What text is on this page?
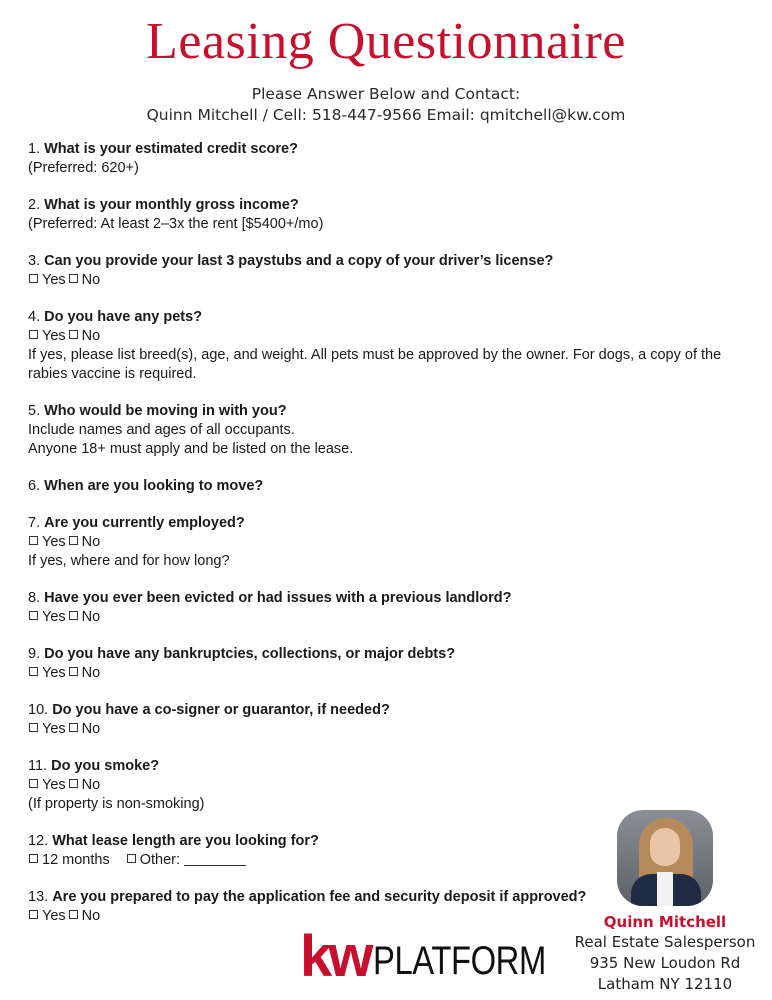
Leasing Questionnaire
Please Answer Below and Contact:
Quinn Mitchell / Cell: 518-447-9566 Email: qmitchell@kw.com
1. What is your estimated credit score?
(Preferred: 620+)
2. What is your monthly gross income?
(Preferred: At least 2–3x the rent [$5400+/mo)
3. Can you provide your last 3 paystubs and a copy of your driver’s license?
Yes No
4. Do you have any pets?
Yes No
If yes, please list breed(s), age, and weight. All pets must be approved by the owner. For dogs, a copy of the
rabies vaccine is required.
5. Who would be moving in with you?
Include names and ages of all occupants.
Anyone 18+ must apply and be listed on the lease.
6. When are you looking to move?
7. Are you currently employed?
Yes No
If yes, where and for how long?
8. Have you ever been evicted or had issues with a previous landlord?
Yes No
9. Do you have any bankruptcies, collections, or major debts?
Yes No
10. Do you have a co-signer or guarantor, if needed?
Yes No
11. Do you smoke?
Yes No
(If property is non-smoking)
12. What lease length are you looking for?
12 months Other:
13. Are you prepared to pay the application fee and security deposit if approved?
Yes No	Quinn Mitchell
Real Estate Salesperson
935 New Loudon Rd
Latham NY 12110
kw PLATFORM
